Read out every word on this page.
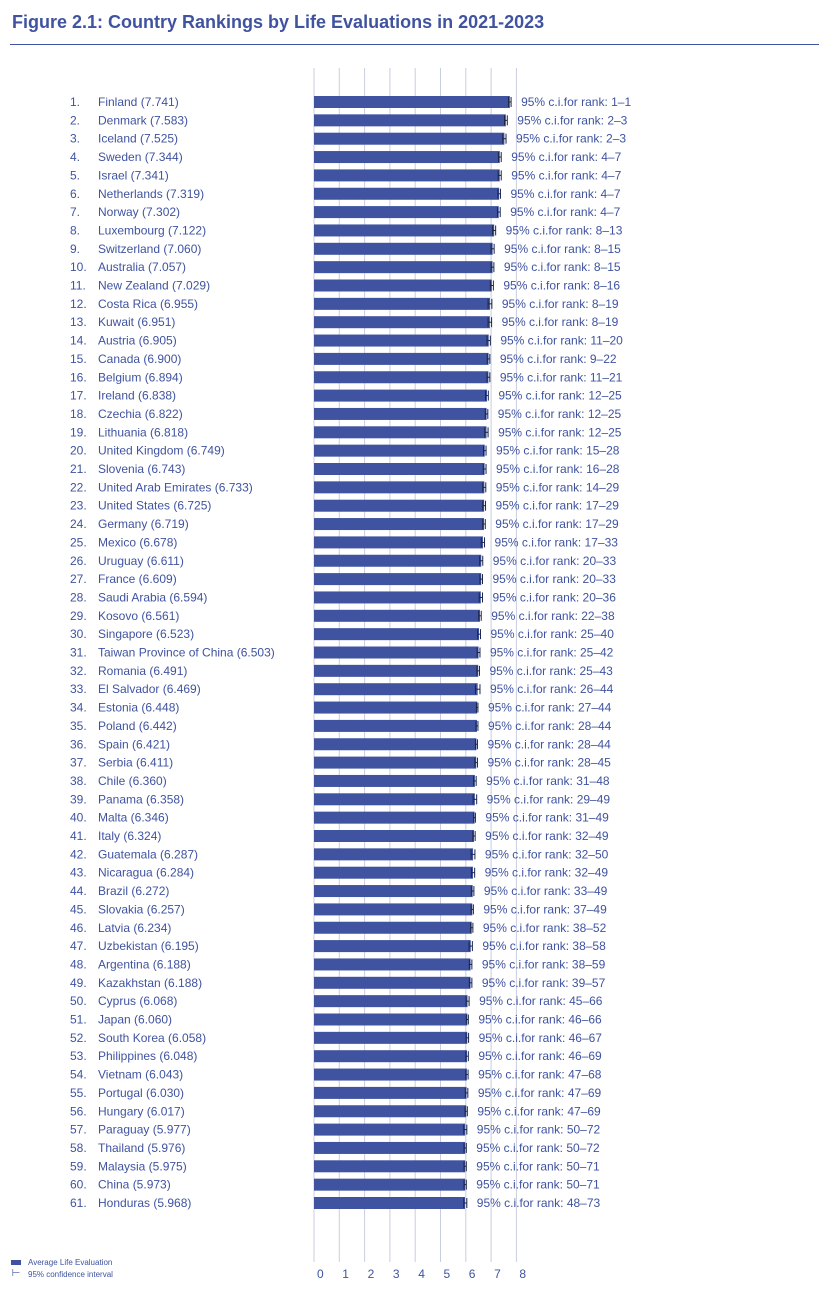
Figure 2.1: Country Rankings by Life Evaluations in 2021-2023
0 1 2 3 4 5 6 7 8
1. Finland (7.741)	95% c.i.for rank: 1–1
2. Denmark (7.583)	95% c.i.for rank: 2–3
3. Iceland (7.525)	95% c.i.for rank: 2–3
4. Sweden (7.344)	95% c.i.for rank: 4–7
5. Israel (7.341)	95% c.i.for rank: 4–7
6. Netherlands (7.319)	95% c.i.for rank: 4–7
7. Norway (7.302)	95% c.i.for rank: 4–7
8. Luxembourg (7.122)	95% c.i.for rank: 8–13
9. Switzerland (7.060)	95% c.i.for rank: 8–15
10. Australia (7.057)	95% c.i.for rank: 8–15
11. New Zealand (7.029)	95% c.i.for rank: 8–16
12. Costa Rica (6.955)	95% c.i.for rank: 8–19
13. Kuwait (6.951)	95% c.i.for rank: 8–19
14. Austria (6.905)	95% c.i.for rank: 11–20
15. Canada (6.900)	95% c.i.for rank: 9–22
16. Belgium (6.894)	95% c.i.for rank: 11–21
17. Ireland (6.838)	95% c.i.for rank: 12–25
18. Czechia (6.822)	95% c.i.for rank: 12–25
19. Lithuania (6.818)	95% c.i.for rank: 12–25
20. United Kingdom (6.749)	95% c.i.for rank: 15–28
21. Slovenia (6.743)	95% c.i.for rank: 16–28
22. United Arab Emirates (6.733)	95% c.i.for rank: 14–29
23. United States (6.725)	95% c.i.for rank: 17–29
24. Germany (6.719)	95% c.i.for rank: 17–29
25. Mexico (6.678)	95% c.i.for rank: 17–33
26. Uruguay (6.611)	95% c.i.for rank: 20–33
27. France (6.609)	95% c.i.for rank: 20–33
28. Saudi Arabia (6.594)	95% c.i.for rank: 20–36
29. Kosovo (6.561)	95% c.i.for rank: 22–38
30. Singapore (6.523)	95% c.i.for rank: 25–40
31. Taiwan Province of China (6.503)	95% c.i.for rank: 25–42
32. Romania (6.491)	95% c.i.for rank: 25–43
33. El Salvador (6.469)	95% c.i.for rank: 26–44
34. Estonia (6.448)	95% c.i.for rank: 27–44
35. Poland (6.442)	95% c.i.for rank: 28–44
36. Spain (6.421)	95% c.i.for rank: 28–44
37. Serbia (6.411)	95% c.i.for rank: 28–45
38. Chile (6.360)	95% c.i.for rank: 31–48
39. Panama (6.358)	95% c.i.for rank: 29–49
40. Malta (6.346)	95% c.i.for rank: 31–49
41. Italy (6.324)	95% c.i.for rank: 32–49
42. Guatemala (6.287)	95% c.i.for rank: 32–50
43. Nicaragua (6.284)	95% c.i.for rank: 32–49
44. Brazil (6.272)	95% c.i.for rank: 33–49
45. Slovakia (6.257)	95% c.i.for rank: 37–49
46. Latvia (6.234)	95% c.i.for rank: 38–52
47. Uzbekistan (6.195)	95% c.i.for rank: 38–58
48. Argentina (6.188)	95% c.i.for rank: 38–59
49. Kazakhstan (6.188)	95% c.i.for rank: 39–57
50. Cyprus (6.068)	95% c.i.for rank: 45–66
51. Japan (6.060)	95% c.i.for rank: 46–66
52. South Korea (6.058)	95% c.i.for rank: 46–67
53. Philippines (6.048)	95% c.i.for rank: 46–69
54. Vietnam (6.043)	95% c.i.for rank: 47–68
55. Portugal (6.030)	95% c.i.for rank: 47–69
56. Hungary (6.017)	95% c.i.for rank: 47–69
57. Paraguay (5.977)	95% c.i.for rank: 50–72
58. Thailand (5.976)	95% c.i.for rank: 50–72
59. Malaysia (5.975)	95% c.i.for rank: 50–71
60. China (5.973)	95% c.i.for rank: 50–71
61. Honduras (5.968)	95% c.i.for rank: 48–73
Average Life Evaluation
⊢ 95% confidence interval
